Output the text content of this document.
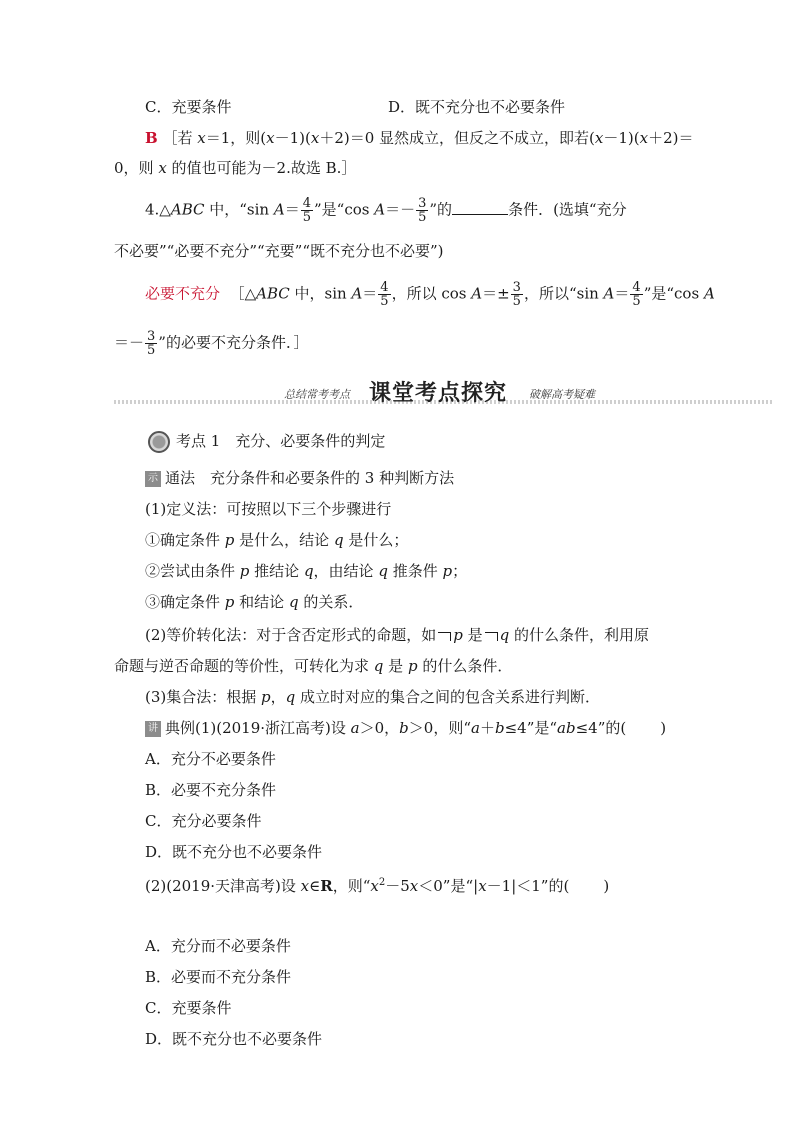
C．充要条件	D．既不充分也不必要条件
B ［若 x＝1，则(x－1)(x＋2)＝0 显然成立，但反之不成立，即若(x－1)(x＋2)＝
0，则 x 的值也可能为－2.故选 B.］
4.△ABC 中，“sin $A= \frac{4}{5}$ ”是“cos $A=- \frac{3}{5}$ ”的	条件．(选填“充分
不必要”“必要不充分”“充要”“既不充分也不必要”)
必要不充分 ［△ABC 中，$\sin A= \frac{4}{5}$ ，所以 $\cos A=\pm \frac{3}{5}$ ，所以“sin $A= \frac{4}{5}$ ”是“cos A
＝－ $\frac{3}{5}$ ”的必要不充分条件．］
总结常考考点 课堂考点探究 破解高考疑难
考点 1　充分、必要条件的判定
示 通法　充分条件和必要条件的 3 种判断方法
(1)定义法：可按照以下三个步骤进行
①确定条件 p 是什么，结论 q 是什么；
②尝试由条件 p 推结论 q，由结论 q 推条件 p；
③确定条件 p 和结论 q 的关系．
(2)等价转化法：对于含否定形式的命题，如 p 是 q 的什么条件，利用原
命题与逆否命题的等价性，可转化为求 q 是 p 的什么条件．
(3)集合法：根据 p，q 成立时对应的集合之间的包含关系进行判断．
讲 典例(1)(2019·浙江高考)设 a＞0，b＞0，则“a＋b≤4”是“ab≤4”的( )
A．充分不必要条件
B．必要不充分条件
C．充分必要条件
D．既不充分也不必要条件
(2)(2019·天津高考)设 x∈R，则“$x^2-5x<0$”是“|x－1|＜1”的( )
A．充分而不必要条件
B．必要而不充分条件
C．充要条件
D．既不充分也不必要条件
